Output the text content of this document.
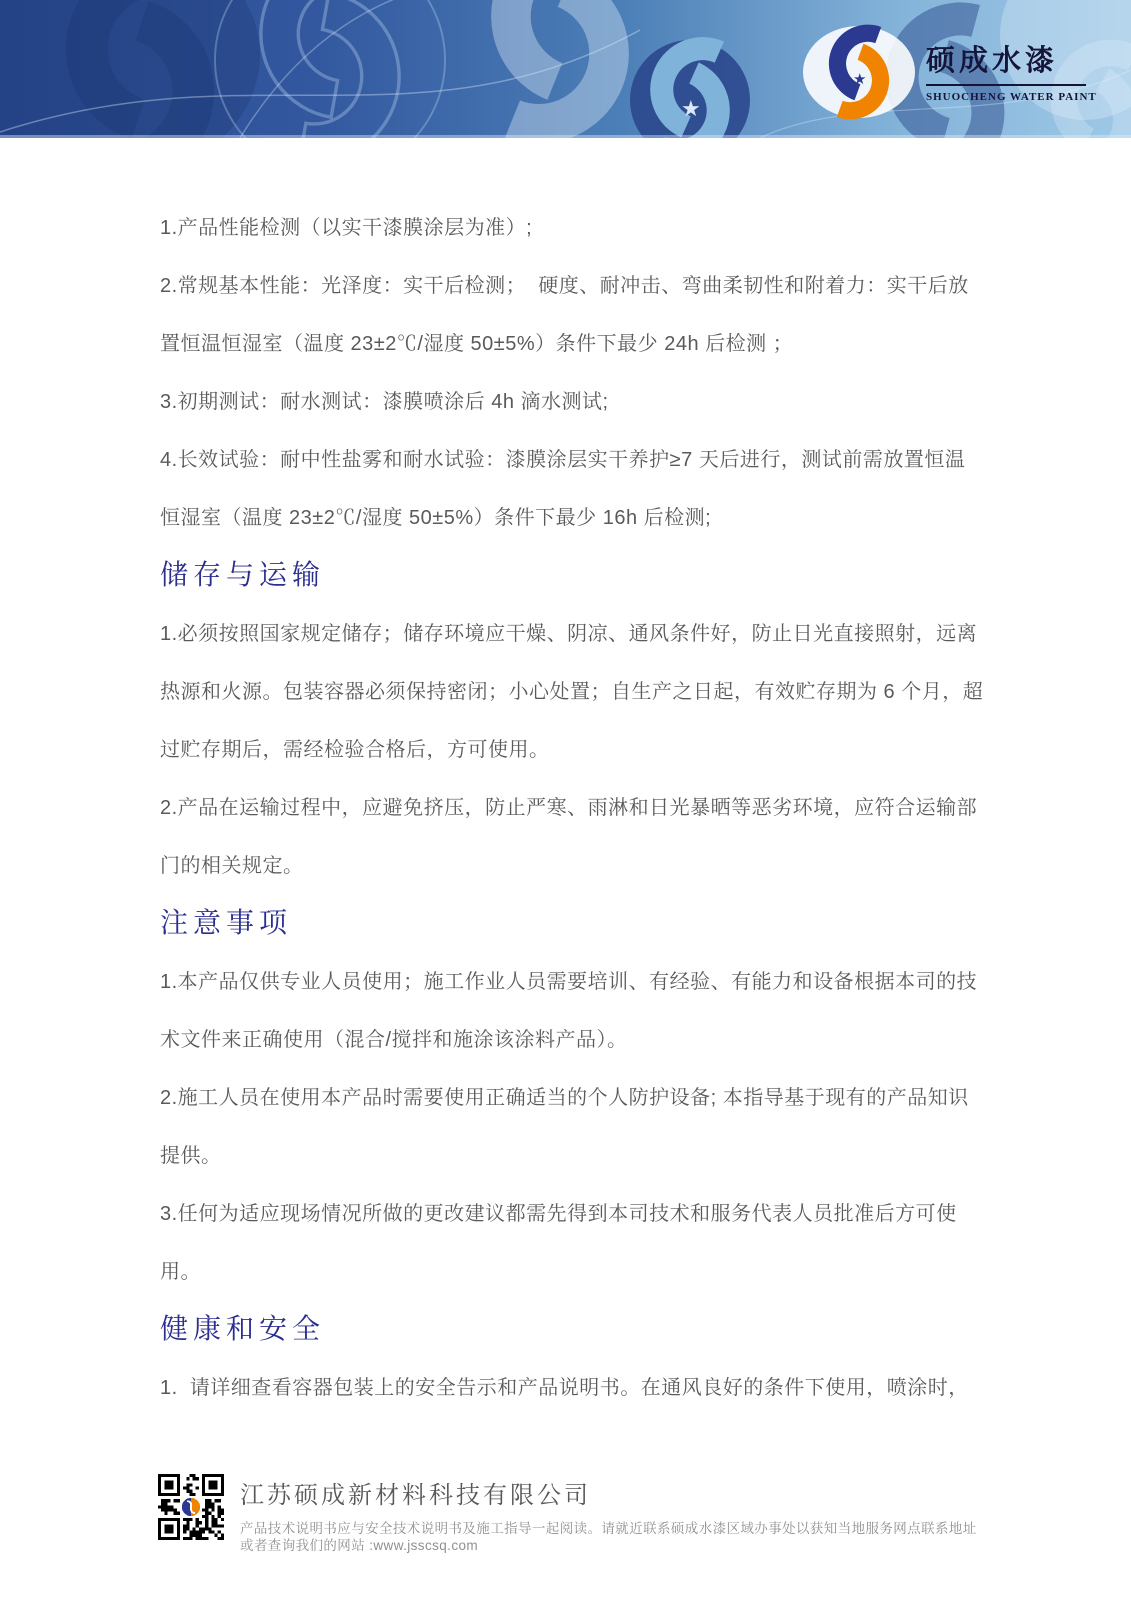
★
★
硕成水漆
SHUOCHENG WATER PAINT
1.产品性能检测（以实干漆膜涂层为准）;
2.常规基本性能：光泽度：实干后检测；  硬度、耐冲击、弯曲柔韧性和附着力：实干后放
置恒温恒湿室（温度 23±2℃/湿度 50±5%）条件下最少 24h 后检测 ；
3.初期测试：耐水测试：漆膜喷涂后 4h 滴水测试;
4.长效试验：耐中性盐雾和耐水试验：漆膜涂层实干养护≥7 天后进行，测试前需放置恒温
恒湿室（温度 23±2℃/湿度 50±5%）条件下最少 16h 后检测;
储存与运输
1.必须按照国家规定储存；储存环境应干燥、阴凉、通风条件好，防止日光直接照射，远离
热源和火源。包装容器必须保持密闭；小心处置；自生产之日起，有效贮存期为 6 个月，超
过贮存期后，需经检验合格后，方可使用。
2.产品在运输过程中，应避免挤压，防止严寒、雨淋和日光暴晒等恶劣环境，应符合运输部
门的相关规定。
注意事项
1.本产品仅供专业人员使用；施工作业人员需要培训、有经验、有能力和设备根据本司的技
术文件来正确使用（混合/搅拌和施涂该涂料产品）。
2.施工人员在使用本产品时需要使用正确适当的个人防护设备; 本指导基于现有的产品知识
提供。
3.任何为适应现场情况所做的更改建议都需先得到本司技术和服务代表人员批准后方可使
用。
健康和安全
1.  请详细查看容器包装上的安全告示和产品说明书。在通风良好的条件下使用，喷涂时，
江苏硕成新材料科技有限公司
产品技术说明书应与安全技术说明书及施工指导一起阅读。请就近联系硕成水漆区域办事处以获知当地服务网点联系地址
或者查询我们的网站 :www.jsscsq.com
